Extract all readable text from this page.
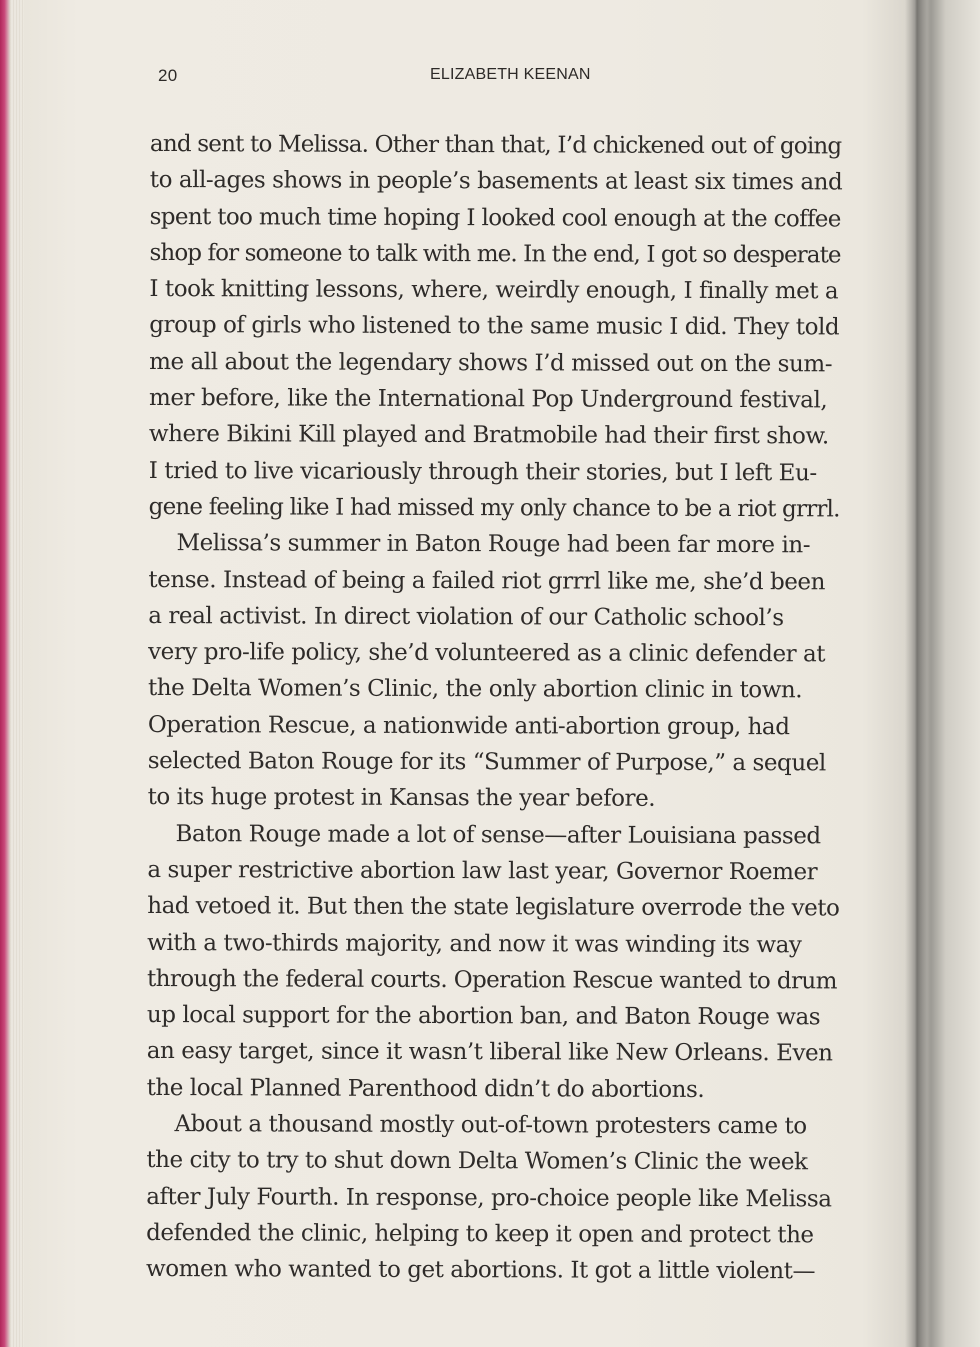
20	ELIZABETH KEENAN
and sent to Melissa. Other than that, I’d chickened out of going
to all-ages shows in people’s basements at least six times and
spent too much time hoping I looked cool enough at the coffee
shop for someone to talk with me. In the end, I got so desperate
I took knitting lessons, where, weirdly enough, I finally met a
group of girls who listened to the same music I did. They told
me all about the legendary shows I’d missed out on the sum-
mer before, like the International Pop Underground festival,
where Bikini Kill played and Bratmobile had their first show.
I tried to live vicariously through their stories, but I left Eu-
gene feeling like I had missed my only chance to be a riot grrrl.
Melissa’s summer in Baton Rouge had been far more in-
tense. Instead of being a failed riot grrrl like me, she’d been
a real activist. In direct violation of our Catholic school’s
very pro-life policy, she’d volunteered as a clinic defender at
the Delta Women’s Clinic, the only abortion clinic in town.
Operation Rescue, a nationwide anti-abortion group, had
selected Baton Rouge for its “Summer of Purpose,” a sequel
to its huge protest in Kansas the year before.
Baton Rouge made a lot of sense—after Louisiana passed
a super restrictive abortion law last year, Governor Roemer
had vetoed it. But then the state legislature overrode the veto
with a two-thirds majority, and now it was winding its way
through the federal courts. Operation Rescue wanted to drum
up local support for the abortion ban, and Baton Rouge was
an easy target, since it wasn’t liberal like New Orleans. Even
the local Planned Parenthood didn’t do abortions.
About a thousand mostly out-of-town protesters came to
the city to try to shut down Delta Women’s Clinic the week
after July Fourth. In response, pro-choice people like Melissa
defended the clinic, helping to keep it open and protect the
women who wanted to get abortions. It got a little violent—
